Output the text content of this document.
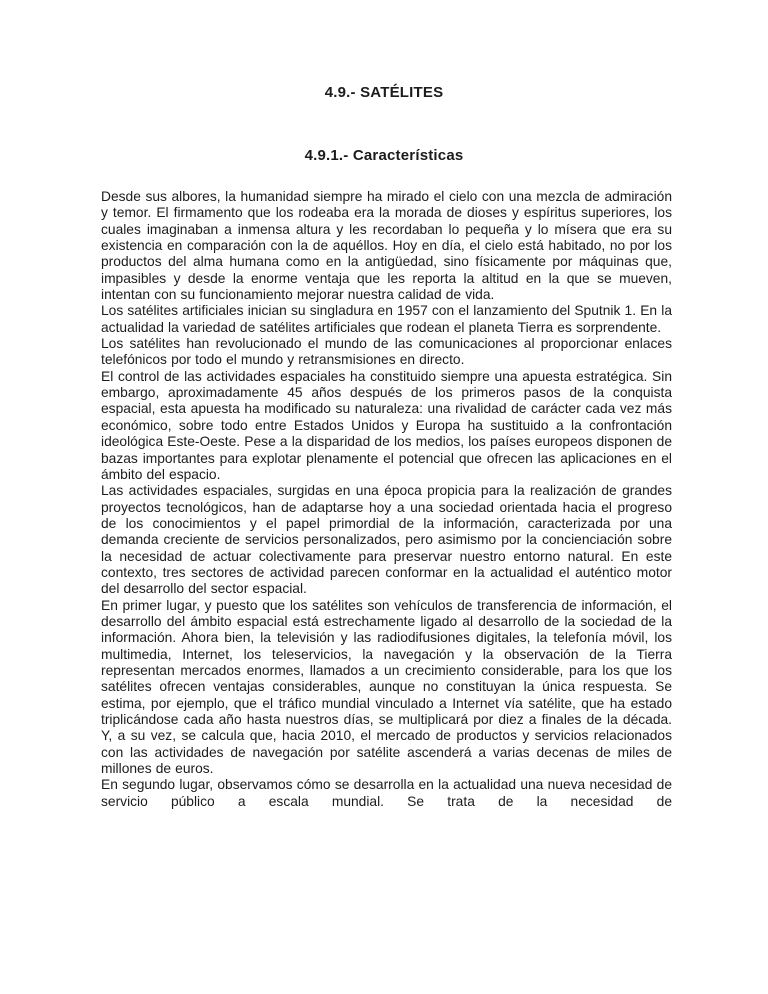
4.9.- SATÉLITES
4.9.1.- Características

Desde sus albores, la humanidad siempre ha mirado el cielo con una mezcla de admiración y temor. El firmamento que los rodeaba era la morada de dioses y espíritus superiores, los cuales imaginaban a inmensa altura y les recordaban lo pequeña y lo mísera que era su existencia en comparación con la de aquéllos. Hoy en día, el cielo está habitado, no por los productos del alma humana como en la antigüedad, sino físicamente por máquinas que, impasibles y desde la enorme ventaja que les reporta la altitud en la que se mueven, intentan con su funcionamiento mejorar nuestra calidad de vida.

Los satélites artificiales inician su singladura en 1957 con el lanzamiento del Sputnik 1. En la actualidad la variedad de satélites artificiales que rodean el planeta Tierra es sorprendente.

Los satélites han revolucionado el mundo de las comunicaciones al proporcionar enlaces telefónicos por todo el mundo y retransmisiones en directo.

El control de las actividades espaciales ha constituido siempre una apuesta estratégica. Sin embargo, aproximadamente 45 años después de los primeros pasos de la conquista espacial, esta apuesta ha modificado su naturaleza: una rivalidad de carácter cada vez más económico, sobre todo entre Estados Unidos y Europa ha sustituido a la confrontación ideológica Este-Oeste. Pese a la disparidad de los medios, los países europeos disponen de bazas importantes para explotar plenamente el potencial que ofrecen las aplicaciones en el ámbito del espacio.

Las actividades espaciales, surgidas en una época propicia para la realización de grandes proyectos tecnológicos, han de adaptarse hoy a una sociedad orientada hacia el progreso de los conocimientos y el papel primordial de la información, caracterizada por una demanda creciente de servicios personalizados, pero asimismo por la concienciación sobre la necesidad de actuar colectivamente para preservar nuestro entorno natural. En este contexto, tres sectores de actividad parecen conformar en la actualidad el auténtico motor del desarrollo del sector espacial.

En primer lugar, y puesto que los satélites son vehículos de transferencia de información, el desarrollo del ámbito espacial está estrechamente ligado al desarrollo de la sociedad de la información. Ahora bien, la televisión y las radiodifusiones digitales, la telefonía móvil, los multimedia, Internet, los teleservicios, la navegación y la observación de la Tierra representan mercados enormes, llamados a un crecimiento considerable, para los que los satélites ofrecen ventajas considerables, aunque no constituyan la única respuesta. Se estima, por ejemplo, que el tráfico mundial vinculado a Internet vía satélite, que ha estado triplicándose cada año hasta nuestros días, se multiplicará por diez a finales de la década. Y, a su vez, se calcula que, hacia 2010, el mercado de productos y servicios relacionados con las actividades de navegación por satélite ascenderá a varias decenas de miles de millones de euros.

En segundo lugar, observamos cómo se desarrolla en la actualidad una nueva necesidad de servicio público a escala mundial. Se trata de la necesidad de
